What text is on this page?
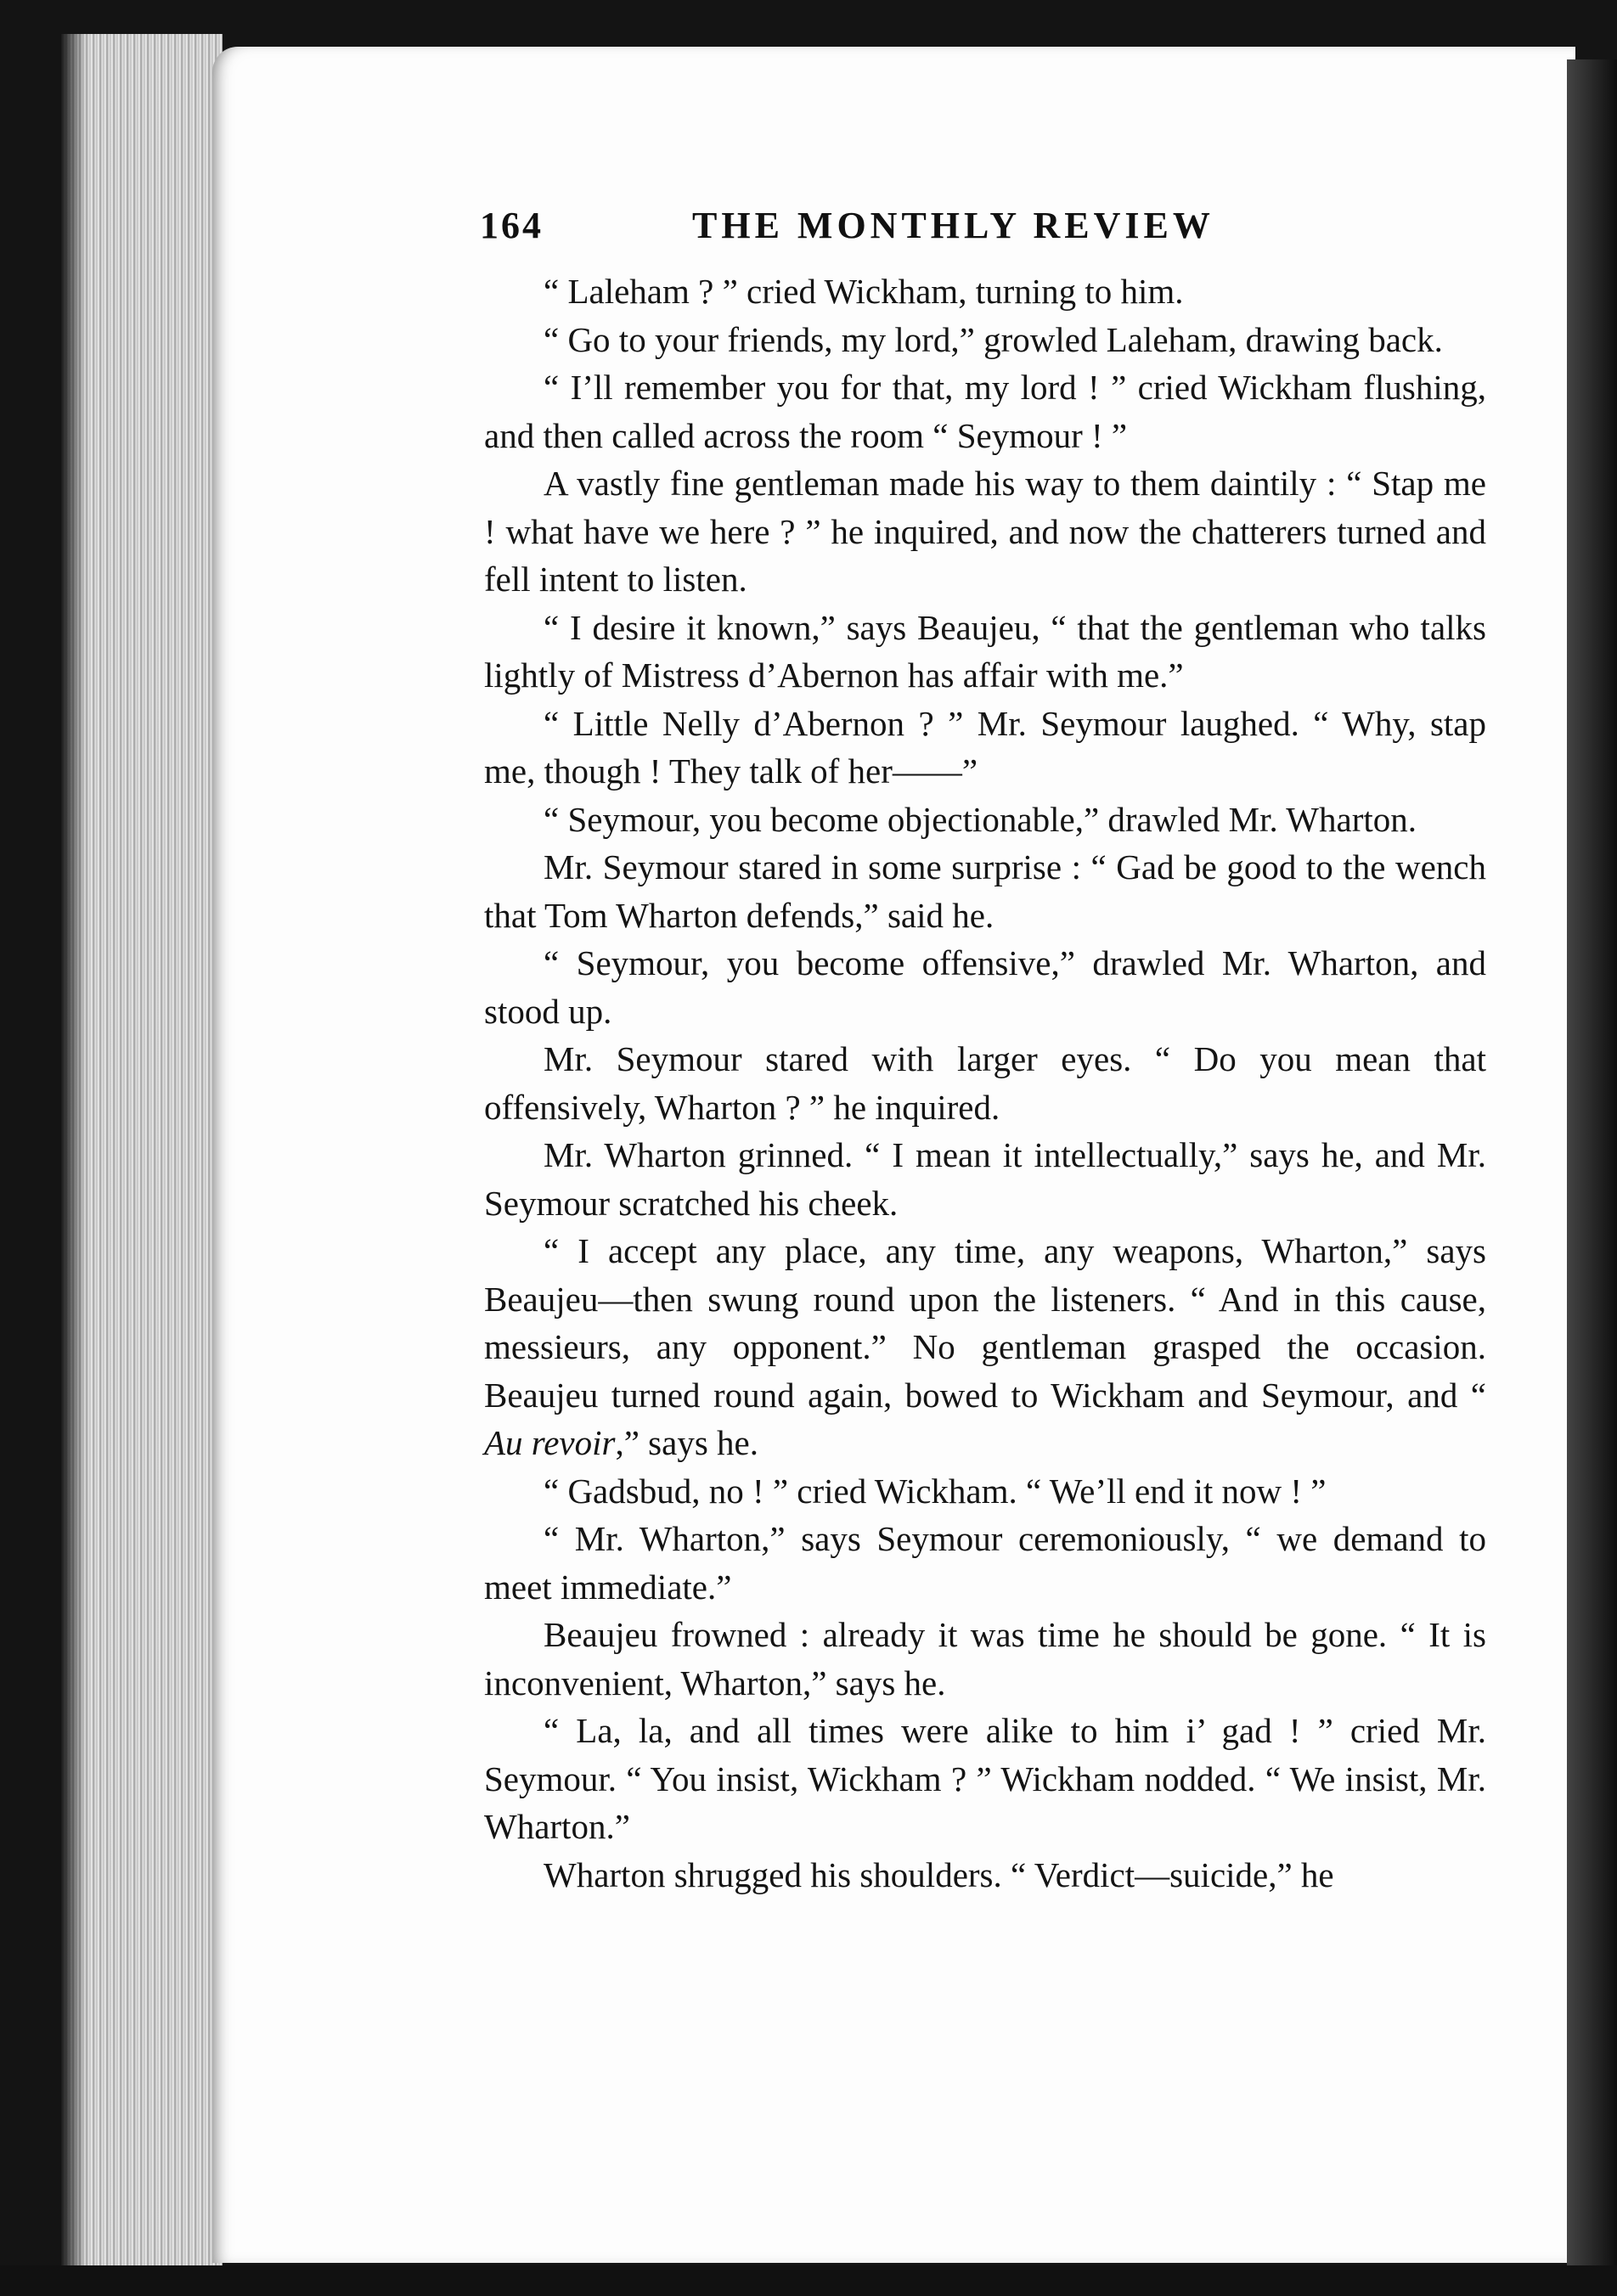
164	THE MONTHLY REVIEW

“ Laleham ? ” cried Wickham, turning to him.

“ Go to your friends, my lord,” growled Laleham, drawing back.

“ I’ll remember you for that, my lord ! ” cried Wickham flushing, and then called across the room “ Seymour ! ”

A vastly fine gentleman made his way to them daintily : “ Stap me ! what have we here ? ” he inquired, and now the chatterers turned and fell intent to listen.

“ I desire it known,” says Beaujeu, “ that the gentleman who talks lightly of Mistress d’Abernon has affair with me.”

“ Little Nelly d’Abernon ? ” Mr. Seymour laughed. “ Why, stap me, though ! They talk of her——”

“ Seymour, you become objectionable,” drawled Mr. Wharton.

Mr. Seymour stared in some surprise : “ Gad be good to the wench that Tom Wharton defends,” said he.

“ Seymour, you become offensive,” drawled Mr. Wharton, and stood up.

Mr. Seymour stared with larger eyes. “ Do you mean that offensively, Wharton ? ” he inquired.

Mr. Wharton grinned. “ I mean it intellectually,” says he, and Mr. Seymour scratched his cheek.

“ I accept any place, any time, any weapons, Wharton,” says Beaujeu—then swung round upon the listeners. “ And in this cause, messieurs, any opponent.” No gentleman grasped the occasion. Beaujeu turned round again, bowed to Wickham and Seymour, and “ Au revoir,” says he.

“ Gadsbud, no ! ” cried Wickham. “ We’ll end it now ! ”

“ Mr. Wharton,” says Seymour ceremoniously, “ we demand to meet immediate.”

Beaujeu frowned : already it was time he should be gone. “ It is inconvenient, Wharton,” says he.

“ La, la, and all times were alike to him i’ gad ! ” cried Mr. Seymour. “ You insist, Wickham ? ” Wickham nodded. “ We insist, Mr. Wharton.”

Wharton shrugged his shoulders. “ Verdict—suicide,” he
